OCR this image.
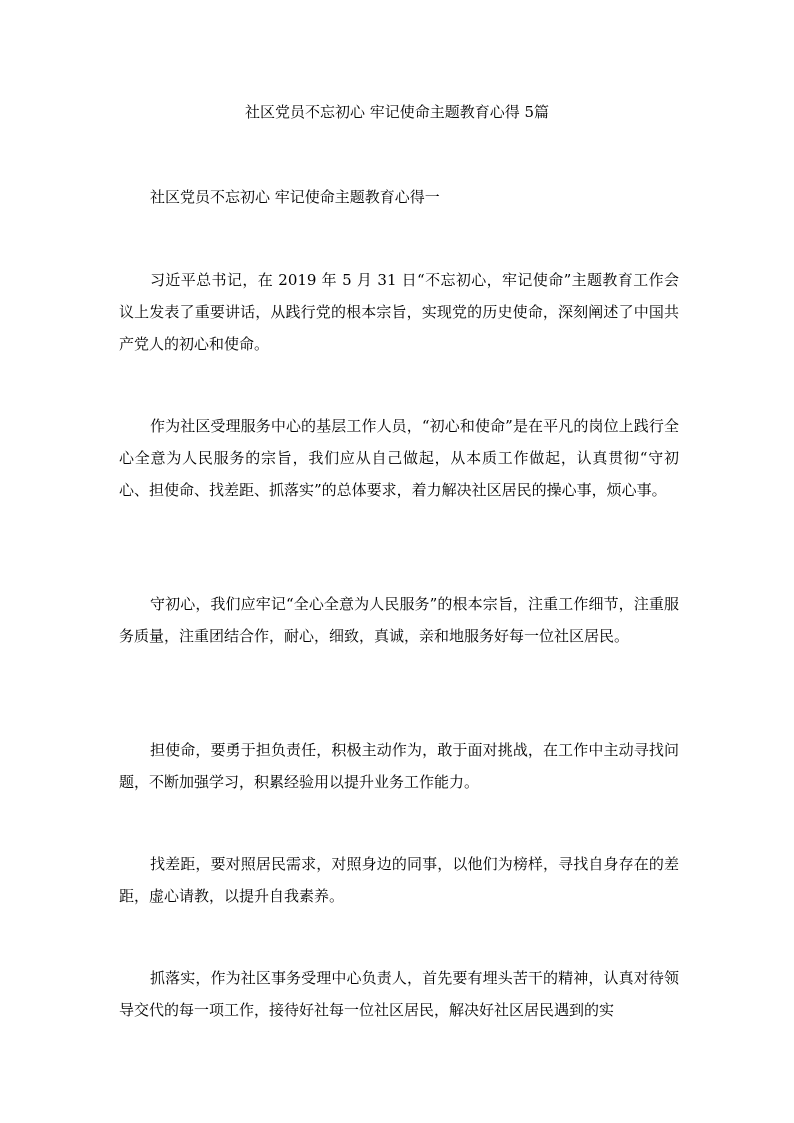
社区党员不忘初心 牢记使命主题教育心得 5篇
社区党员不忘初心 牢记使命主题教育心得一

习近平总书记，在 2019 年 5 月 31 日“不忘初心，牢记使命”主题教育工作会议上发表了重要讲话，从践行党的根本宗旨，实现党的历史使命，深刻阐述了中国共产党人的初心和使命。

作为社区受理服务中心的基层工作人员，“初心和使命”是在平凡的岗位上践行全心全意为人民服务的宗旨，我们应从自己做起，从本质工作做起，认真贯彻“守初心、担使命、找差距、抓落实”的总体要求，着力解决社区居民的操心事，烦心事。

守初心，我们应牢记“全心全意为人民服务”的根本宗旨，注重工作细节，注重服务质量，注重团结合作，耐心，细致，真诚，亲和地服务好每一位社区居民。

担使命，要勇于担负责任，积极主动作为，敢于面对挑战，在工作中主动寻找问题，不断加强学习，积累经验用以提升业务工作能力。

找差距，要对照居民需求，对照身边的同事，以他们为榜样，寻找自身存在的差距，虚心请教，以提升自我素养。

抓落实，作为社区事务受理中心负责人，首先要有埋头苦干的精神，认真对待领导交代的每一项工作，接待好社每一位社区居民，解决好社区居民遇到的实
